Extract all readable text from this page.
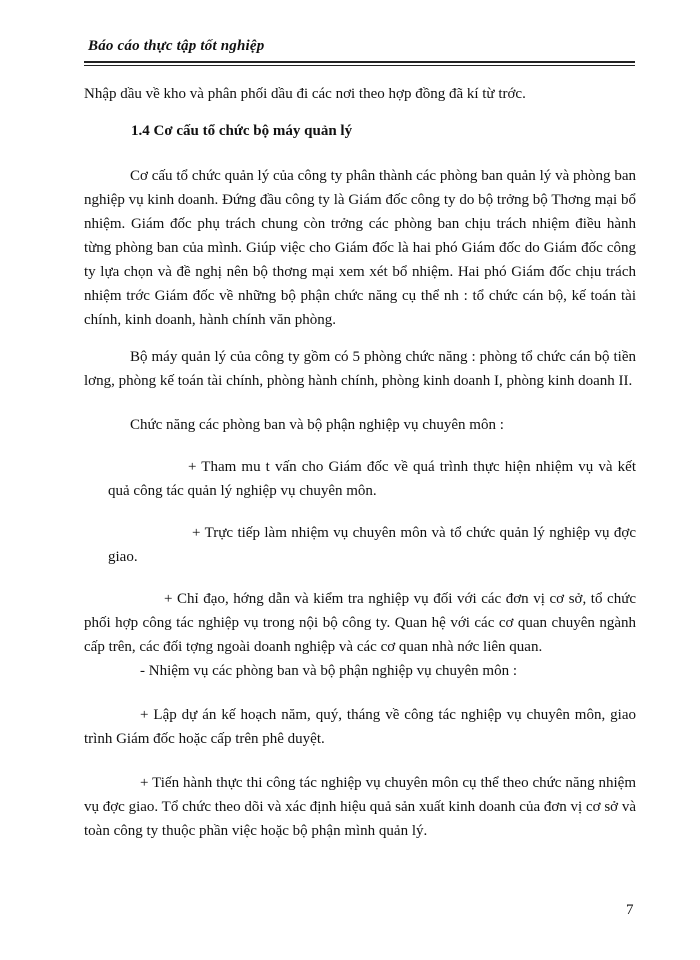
Báo cáo thực tập tốt nghiệp

Nhập dầu về kho và phân phối dầu đi các nơi theo hợp đồng đã kí từ trớc.

1.4 Cơ cấu tổ chức bộ máy quản lý

Cơ cấu tổ chức quản lý của công ty phân thành các phòng ban quản lý và phòng ban nghiệp vụ kinh doanh. Đứng đầu công ty là Giám đốc công ty do bộ trởng bộ Thơng mại bổ nhiệm. Giám đốc phụ trách chung còn trởng các phòng ban chịu trách nhiệm điều hành từng phòng ban của mình. Giúp việc cho Giám đốc là hai phó Giám đốc do Giám đốc công ty lựa chọn và đề nghị nên bộ thơng mại xem xét bổ nhiệm. Hai phó Giám đốc chịu trách nhiệm trớc Giám đốc về những bộ phận chức năng cụ thể nh : tổ chức cán bộ, kế toán tài chính, kinh doanh, hành chính văn phòng.

Bộ máy quản lý của công ty gồm có 5 phòng chức năng : phòng tổ chức cán bộ tiền lơng, phòng kế toán tài chính, phòng hành chính, phòng kinh doanh I, phòng kinh doanh II.

Chức năng các phòng ban và bộ phận nghiệp vụ chuyên môn :

+ Tham mu t vấn cho Giám đốc về quá trình thực hiện nhiệm vụ và kết quả công tác quản lý nghiệp vụ chuyên môn.

+ Trực tiếp làm nhiệm vụ chuyên môn và tổ chức quản lý nghiệp vụ đợc giao.

+ Chỉ đạo, hớng dẫn và kiểm tra nghiệp vụ đối với các đơn vị cơ sở, tổ chức phối hợp công tác nghiệp vụ trong nội bộ công ty. Quan hệ với các cơ quan chuyên ngành cấp trên, các đối tợng ngoài doanh nghiệp và các cơ quan nhà nớc liên quan.

- Nhiệm vụ các phòng ban và bộ phận nghiệp vụ chuyên môn :

+ Lập dự án kế hoạch năm, quý, tháng về công tác nghiệp vụ chuyên môn, giao trình Giám đốc hoặc cấp trên phê duyệt.

+ Tiến hành thực thi công tác nghiệp vụ chuyên môn cụ thể theo chức năng nhiệm vụ đợc giao. Tổ chức theo dõi và xác định hiệu quả sản xuất kinh doanh của đơn vị cơ sở và toàn công ty thuộc phần việc hoặc bộ phận mình quản lý.

7
